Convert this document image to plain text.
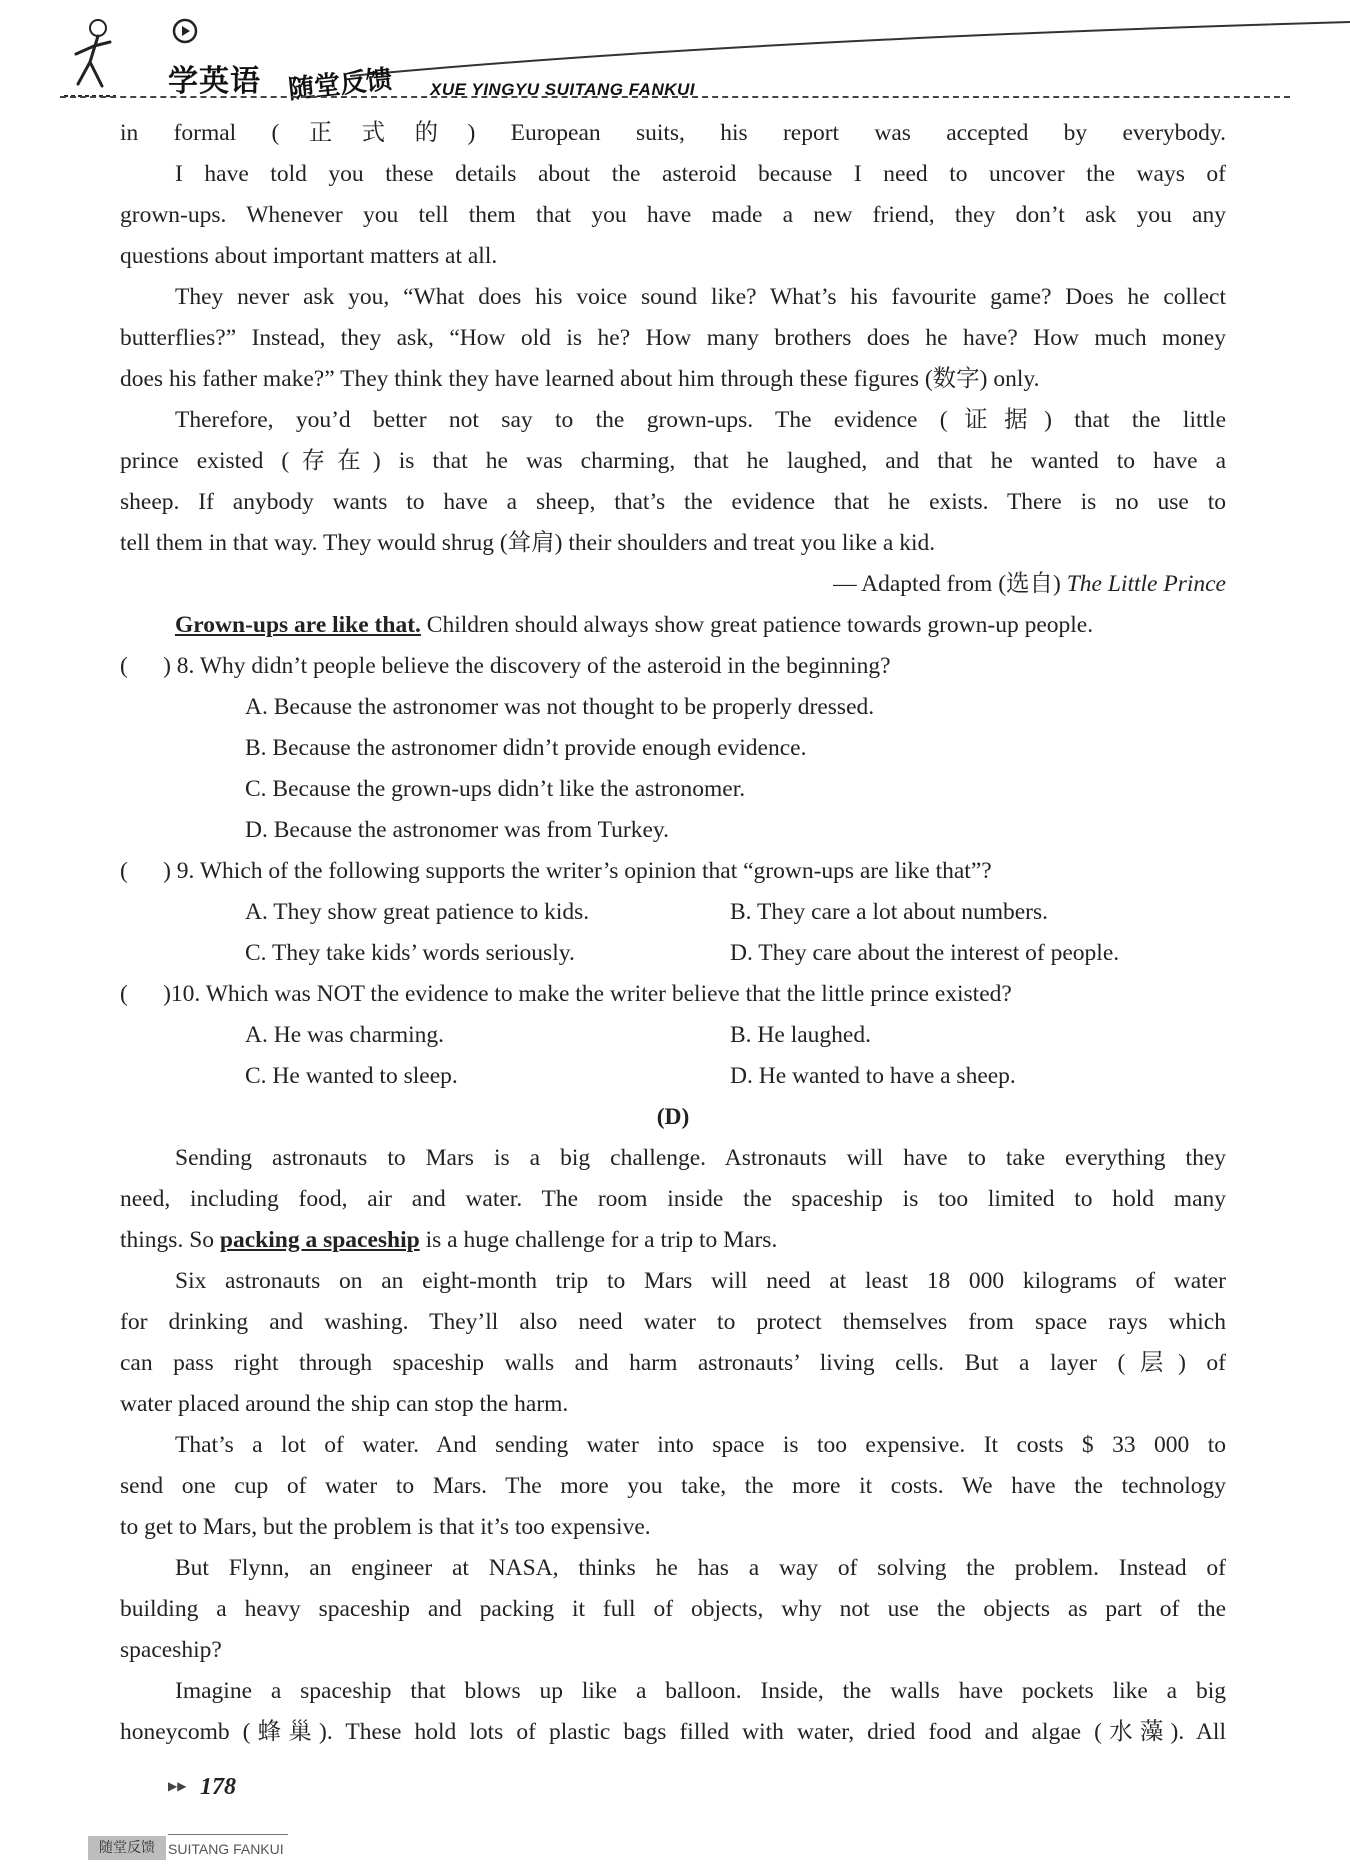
学英语 随堂反馈 XUE YINGYU SUITANG FANKUI
in formal (正式的) European suits, his report was accepted by everybody.
I have told you these details about the asteroid because I need to uncover the ways of
grown-ups. Whenever you tell them that you have made a new friend, they don’t ask you any
questions about important matters at all.
They never ask you, “What does his voice sound like? What’s his favourite game? Does he collect
butterflies?” Instead, they ask, “How old is he? How many brothers does he have? How much money
does his father make?” They think they have learned about him through these figures (数字) only.
Therefore, you’d better not say to the grown-ups. The evidence (证据) that the little
prince existed (存在) is that he was charming, that he laughed, and that he wanted to have a
sheep. If anybody wants to have a sheep, that’s the evidence that he exists. There is no use to
tell them in that way. They would shrug (耸肩) their shoulders and treat you like a kid.
— Adapted from (选自) The Little Prince
Grown-ups are like that. Children should always show great patience towards grown-up people.
(      ) 8. Why didn’t people believe the discovery of the asteroid in the beginning?
A. Because the astronomer was not thought to be properly dressed.
B. Because the astronomer didn’t provide enough evidence.
C. Because the grown-ups didn’t like the astronomer.
D. Because the astronomer was from Turkey.
(      ) 9. Which of the following supports the writer’s opinion that “grown-ups are like that”?
A. They show great patience to kids.	B. They care a lot about numbers.
C. They take kids’ words seriously.	D. They care about the interest of people.
(      )10. Which was NOT the evidence to make the writer believe that the little prince existed?
A. He was charming.	B. He laughed.
C. He wanted to sleep.	D. He wanted to have a sheep.
(D)
Sending astronauts to Mars is a big challenge. Astronauts will have to take everything they
need, including food, air and water. The room inside the spaceship is too limited to hold many
things. So packing a spaceship is a huge challenge for a trip to Mars.
Six astronauts on an eight-month trip to Mars will need at least 18 000 kilograms of water
for drinking and washing. They’ll also need water to protect themselves from space rays which
can pass right through spaceship walls and harm astronauts’ living cells. But a layer (层) of
water placed around the ship can stop the harm.
That’s a lot of water. And sending water into space is too expensive. It costs $ 33 000 to
send one cup of water to Mars. The more you take, the more it costs. We have the technology
to get to Mars, but the problem is that it’s too expensive.
But Flynn, an engineer at NASA, thinks he has a way of solving the problem. Instead of
building a heavy spaceship and packing it full of objects, why not use the objects as part of the
spaceship?
Imagine a spaceship that blows up like a balloon. Inside, the walls have pockets like a big
honeycomb (蜂巢). These hold lots of plastic bags filled with water, dried food and algae (水藻). All
▶▶ 178
随堂反馈 SUITANG FANKUI
